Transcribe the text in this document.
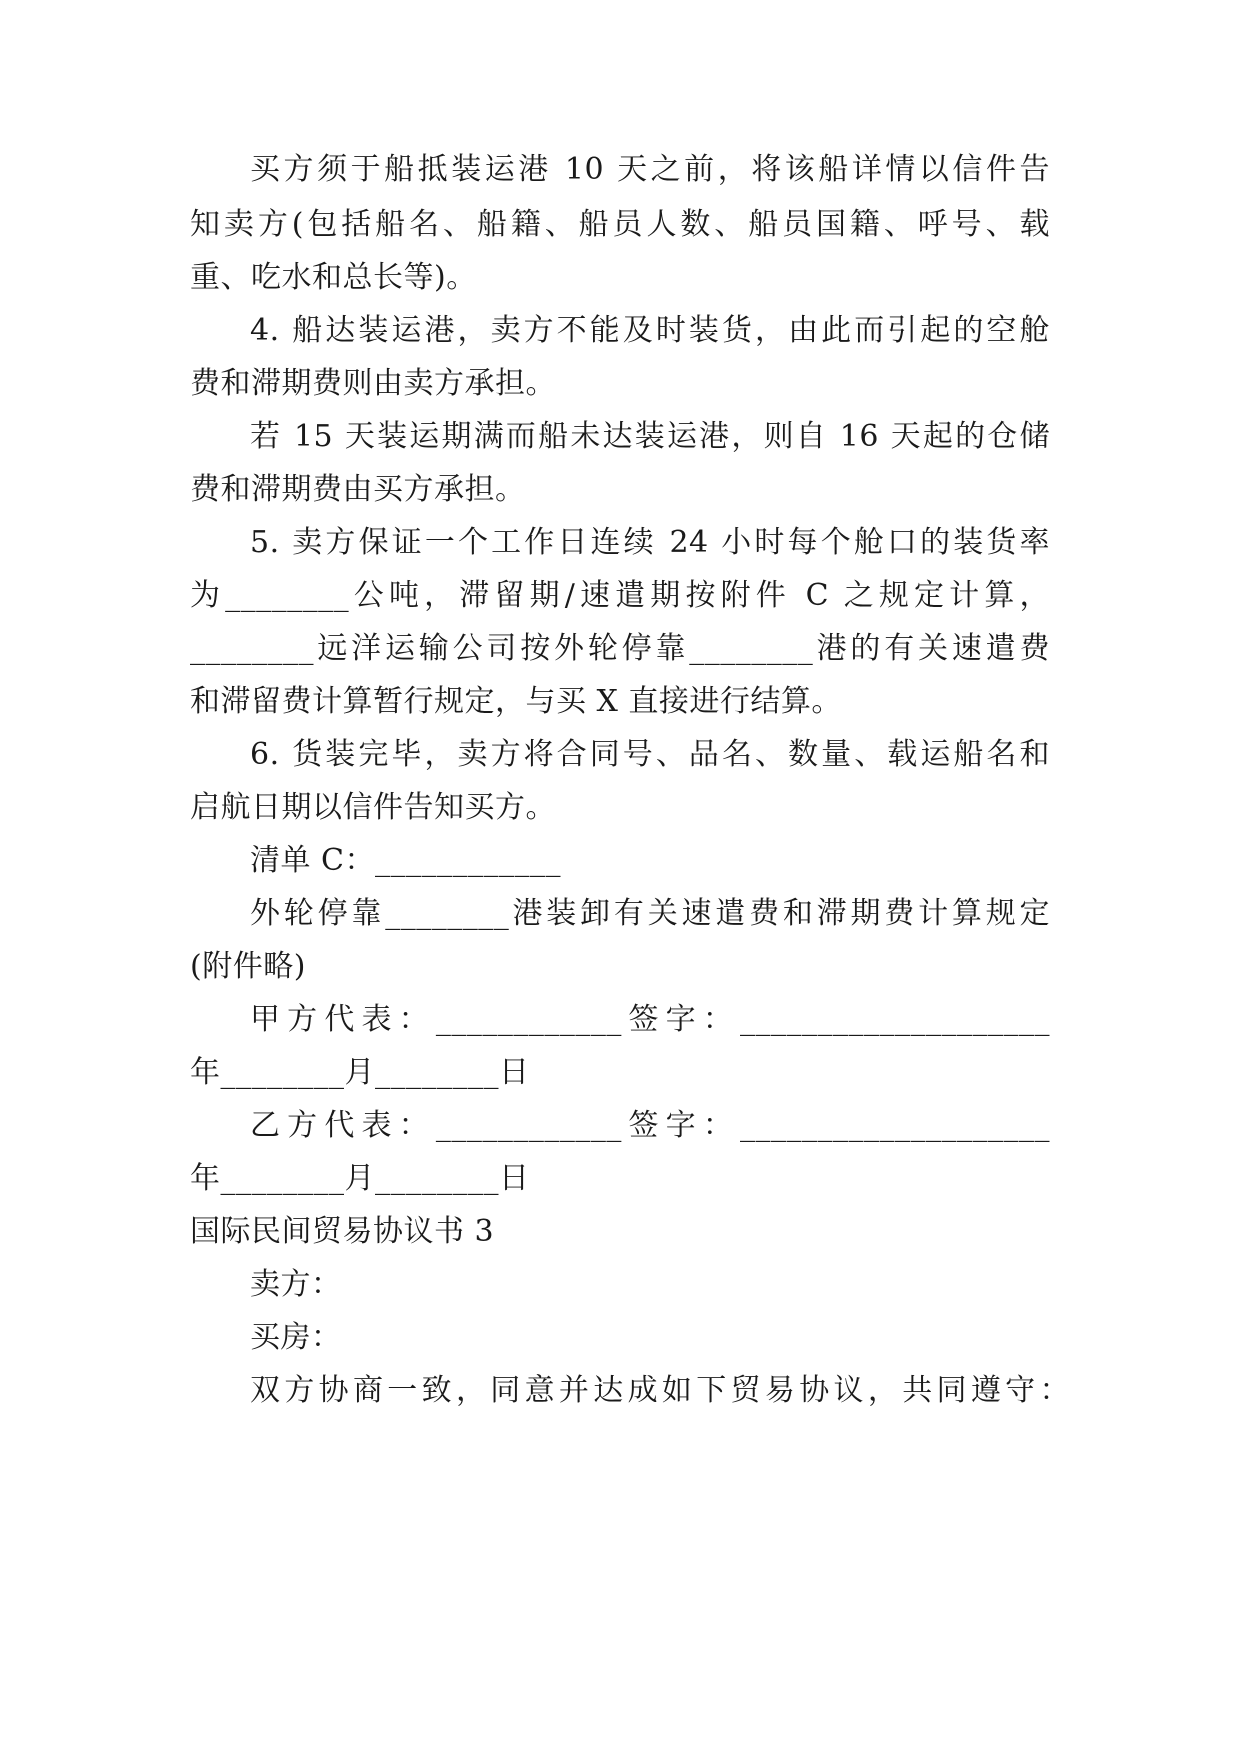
买方须于船抵装运港 10 天之前，将该船详情以信件告
知卖方(包括船名、船籍、船员人数、船员国籍、呼号、载
重、吃水和总长等)。
4. 船达装运港，卖方不能及时装货，由此而引起的空舱
费和滞期费则由卖方承担。
若 15 天装运期满而船未达装运港，则自 16 天起的仓储
费和滞期费由买方承担。
5. 卖方保证一个工作日连续 24 小时每个舱口的装货率
为________公吨，滞留期/速遣期按附件 C 之规定计算，
________远洋运输公司按外轮停靠________港的有关速遣费
和滞留费计算暂行规定，与买 X 直接进行结算。
6. 货装完毕，卖方将合同号、品名、数量、载运船名和
启航日期以信件告知买方。
清单 C：____________
外轮停靠________港装卸有关速遣费和滞期费计算规定
(附件略)
甲方代表：____________签字：____________________
年________月________日
乙方代表：____________签字：____________________
年________月________日
国际民间贸易协议书 3
卖方：
买房：
双方协商一致，同意并达成如下贸易协议，共同遵守：
